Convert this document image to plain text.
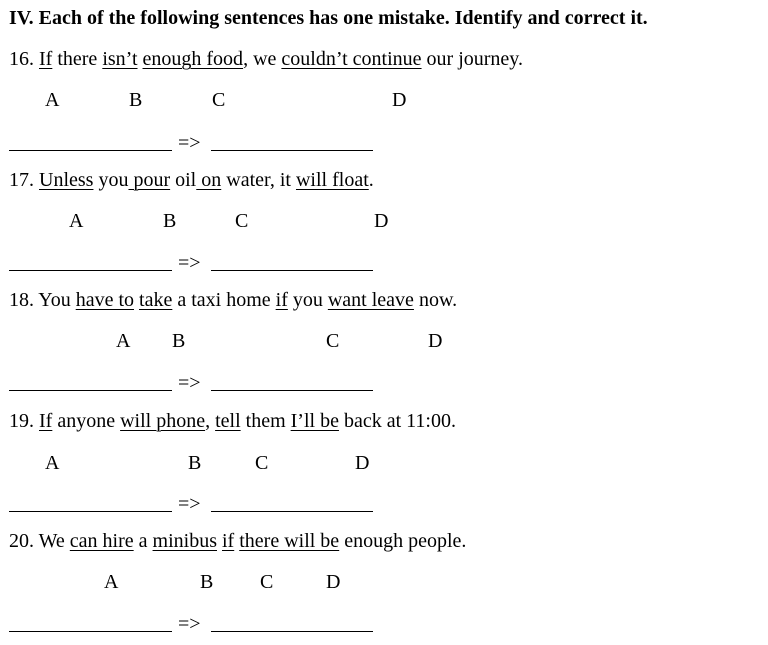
IV. Each of the following sentences has one mistake. Identify and correct it.
16. If there isn’t enough food, we couldn’t continue our journey.
A	B	C	D
=>
17. Unless you pour oil on water, it will float.
A	B	C	D
=>
18. You have to take a taxi home if you want leave now.
A B	C	D
=>
19. If anyone will phone, tell them I’ll be back at 11:00.
A	B	C	D
=>
20. We can hire a minibus if there will be enough people.
A	B C	D
=>
